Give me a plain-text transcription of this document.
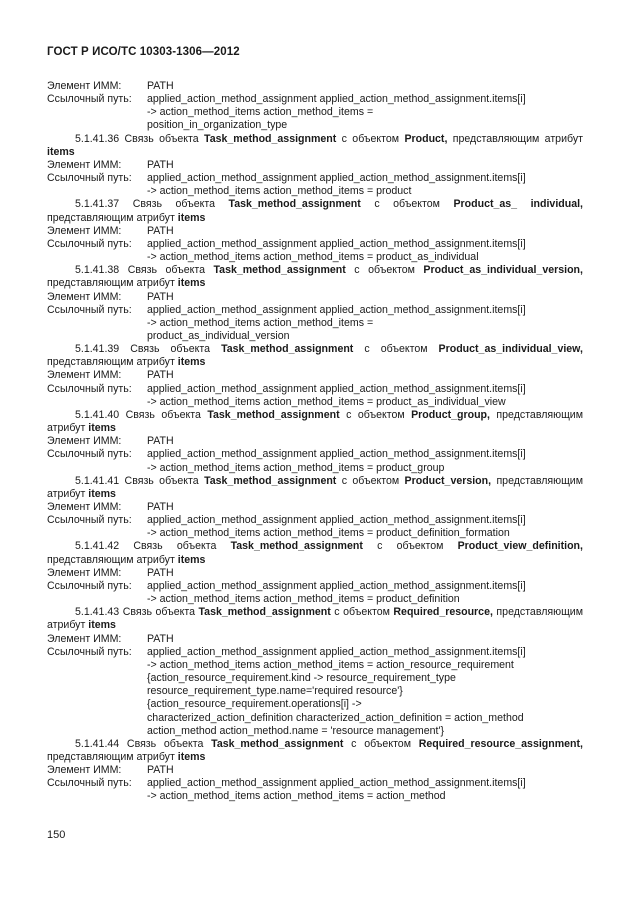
ГОСТ Р ИСО/ТС 10303-1306—2012
Элемент ИММ:	PATH
Ссылочный путь:	applied_action_method_assignment applied_action_method_assignment.items[i]
-> action_method_items action_method_items =
position_in_organization_type
5.1.41.36 Связь объекта Task_method_assignment с объектом Product, представляющим атрибут items
Элемент ИММ:	PATH
Ссылочный путь:	applied_action_method_assignment applied_action_method_assignment.items[i]
-> action_method_items action_method_items = product
5.1.41.37 Связь объекта Task_method_assignment с объектом Product_as_ individual, представляющим атрибут items
Элемент ИММ:	PATH
Ссылочный путь:	applied_action_method_assignment applied_action_method_assignment.items[i]
-> action_method_items action_method_items = product_as_individual
5.1.41.38 Связь объекта Task_method_assignment с объектом Product_as_individual_version, представляющим атрибут items
Элемент ИММ:	PATH
Ссылочный путь:	applied_action_method_assignment applied_action_method_assignment.items[i]
-> action_method_items action_method_items =
product_as_individual_version
5.1.41.39 Связь объекта Task_method_assignment с объектом Product_as_individual_view, представляющим атрибут items
Элемент ИММ:	PATH
Ссылочный путь:	applied_action_method_assignment applied_action_method_assignment.items[i]
-> action_method_items action_method_items = product_as_individual_view
5.1.41.40 Связь объекта Task_method_assignment с объектом Product_group, представляющим атрибут items
Элемент ИММ:	PATH
Ссылочный путь:	applied_action_method_assignment applied_action_method_assignment.items[i]
-> action_method_items action_method_items = product_group
5.1.41.41 Связь объекта Task_method_assignment с объектом Product_version, представляющим атрибут items
Элемент ИММ:	PATH
Ссылочный путь:	applied_action_method_assignment applied_action_method_assignment.items[i]
-> action_method_items action_method_items = product_definition_formation
5.1.41.42 Связь объекта Task_method_assignment с объектом Product_view_definition, представляющим атрибут items
Элемент ИММ:	PATH
Ссылочный путь:	applied_action_method_assignment applied_action_method_assignment.items[i]
-> action_method_items action_method_items = product_definition
5.1.41.43 Связь объекта Task_method_assignment с объектом Required_resource, представляющим атрибут items
Элемент ИММ:	PATH
Ссылочный путь:	applied_action_method_assignment applied_action_method_assignment.items[i]
-> action_method_items action_method_items = action_resource_requirement
{action_resource_requirement.kind -> resource_requirement_type
resource_requirement_type.name='required resource'}
{action_resource_requirement.operations[i] ->
characterized_action_definition characterized_action_definition = action_method
action_method action_method.name = 'resource management'}
5.1.41.44 Связь объекта Task_method_assignment с объектом Required_resource_assignment, представляющим атрибут items
Элемент ИММ:	PATH
Ссылочный путь:	applied_action_method_assignment applied_action_method_assignment.items[i]
-> action_method_items action_method_items = action_method
150
